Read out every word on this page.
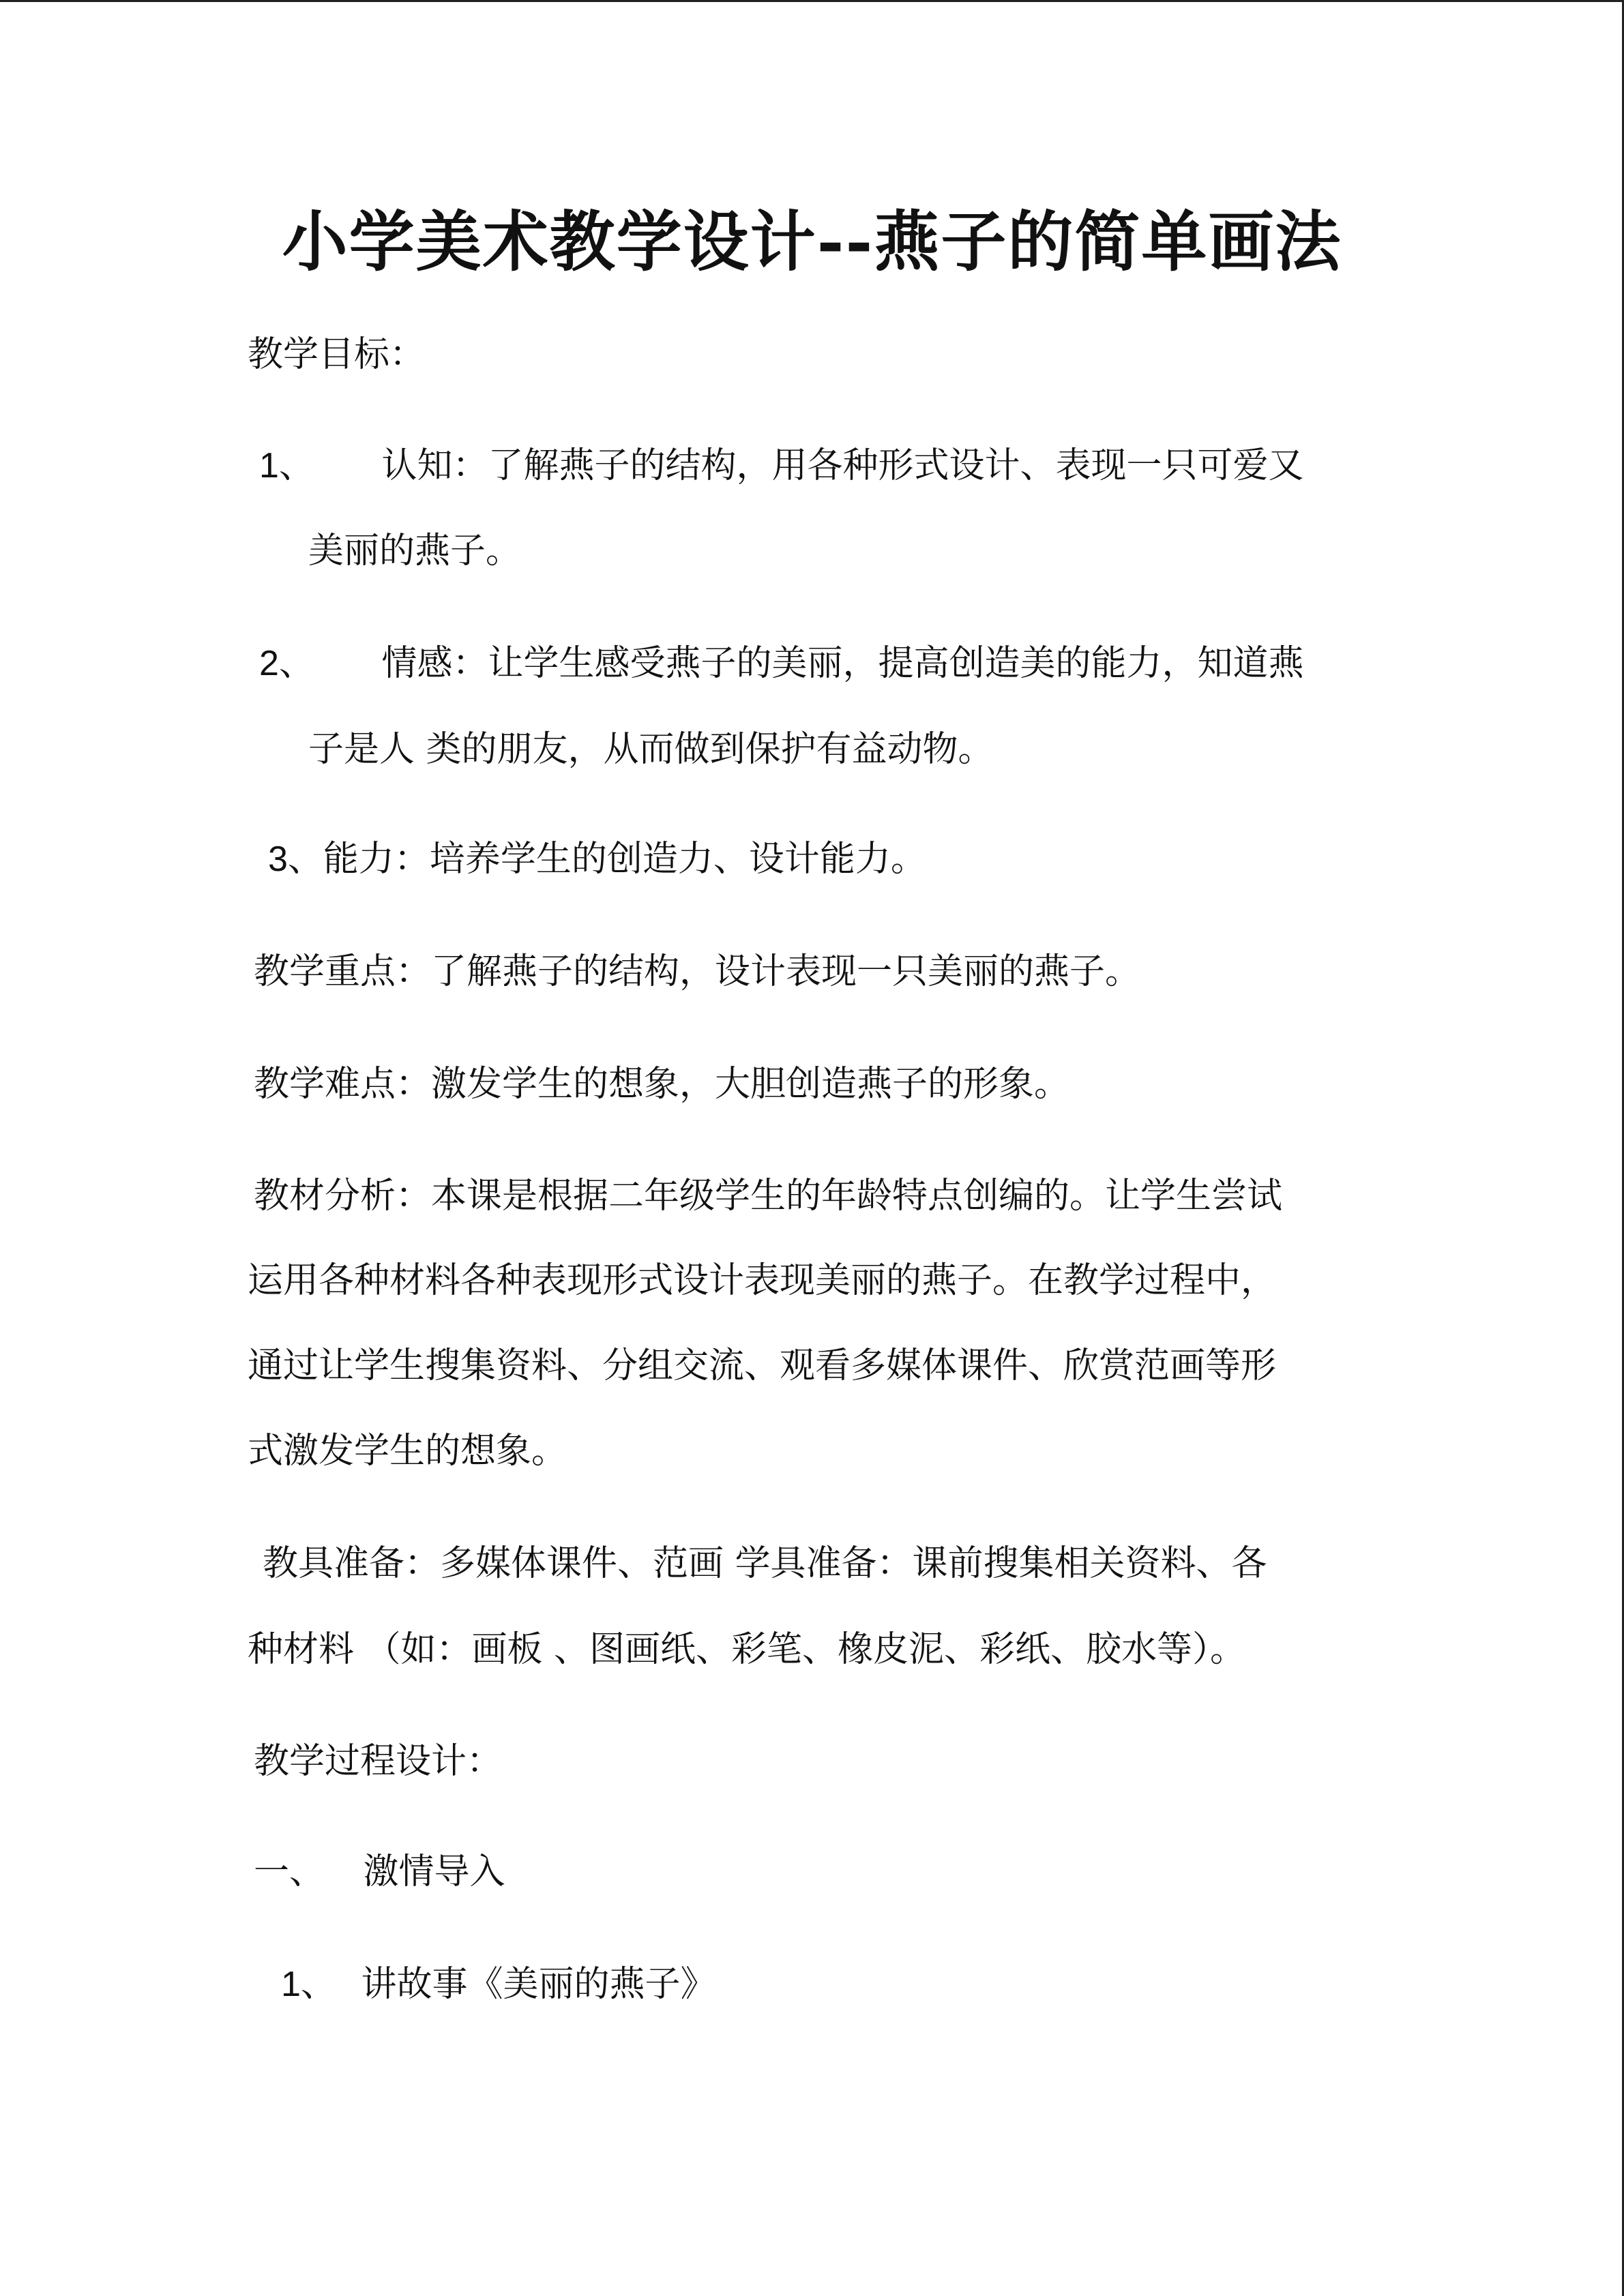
小学美术教学设计--燕子的简单画法

教学目标：

1、 认知：了解燕子的结构，用各种形式设计、表现一只可爱又

美丽的燕子。

2、 情感：让学生感受燕子的美丽，提高创造美的能力，知道燕

子是人 类的朋友，从而做到保护有益动物。

3、能力：培养学生的创造力、设计能力。

教学重点：了解燕子的结构，设计表现一只美丽的燕子。

教学难点：激发学生的想象，大胆创造燕子的形象。

教材分析：本课是根据二年级学生的年龄特点创编的。让学生尝试

运用各种材料各种表现形式设计表现美丽的燕子。在教学过程中，

通过让学生搜集资料、分组交流、观看多媒体课件、欣赏范画等形

式激发学生的想象。

教具准备：多媒体课件、范画 学具准备：课前搜集相关资料、各

种材料 （如：画板 、图画纸、彩笔、橡皮泥、彩纸、胶水等）。

教学过程设计：

一、 激情导入

1、 讲故事《美丽的燕子》
